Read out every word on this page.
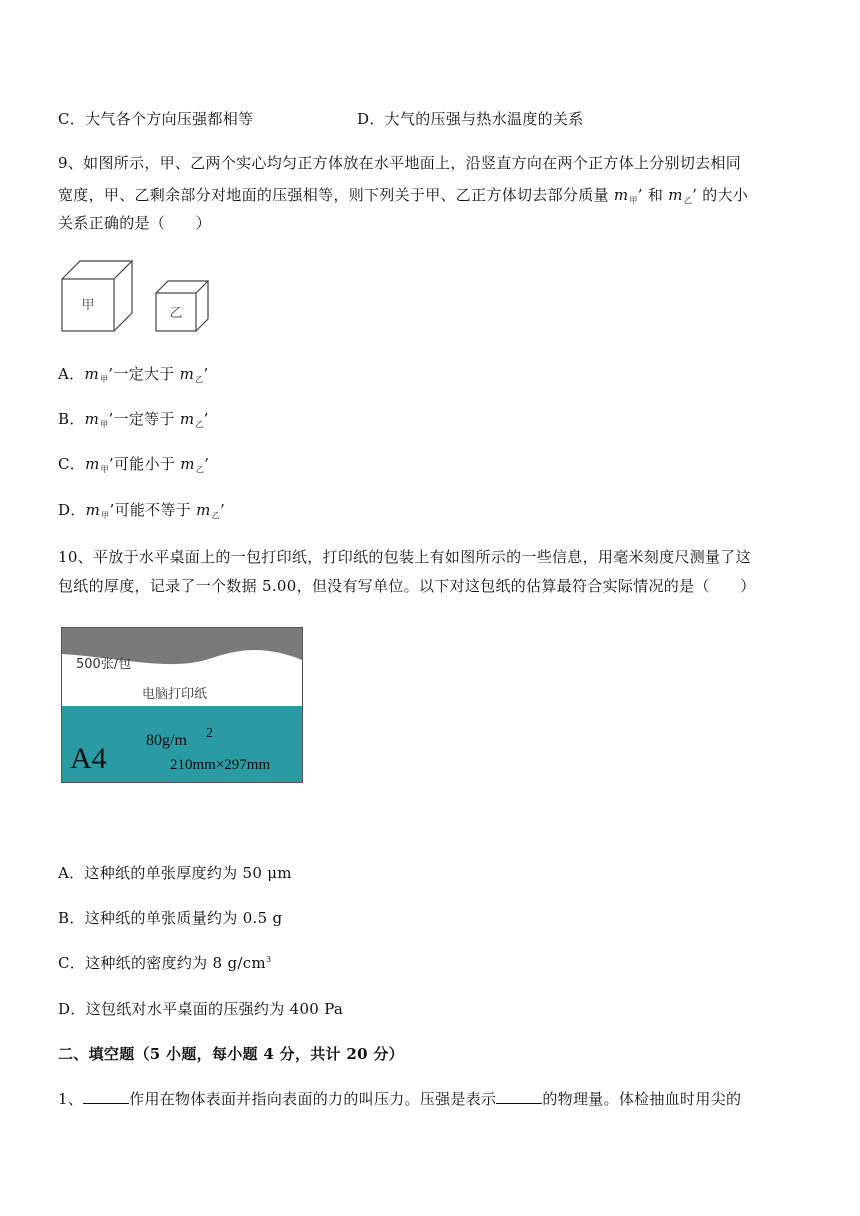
C．大气各个方向压强都相等	D．大气的压强与热水温度的关系
9、如图所示，甲、乙两个实心均匀正方体放在水平地面上，沿竖直方向在两个正方体上分别切去相同
宽度，甲、乙剩余部分对地面的压强相等，则下列关于甲、乙正方体切去部分质量 $m_甲$’ 和 $m_乙$’ 的大小
关系正确的是（　　）
甲
乙
A．$m_甲$’一定大于 $m_乙$’
B．$m_甲$’一定等于 $m_乙$’
C．$m_甲$’可能小于 $m_乙$’
D．$m_甲$’可能不等于 $m_乙$’
10、平放于水平桌面上的一包打印纸，打印纸的包装上有如图所示的一些信息，用毫米刻度尺测量了这
包纸的厚度，记录了一个数据 5.00，但没有写单位。以下对这包纸的估算最符合实际情况的是（　　）
500张/包
电脑打印纸
A4
80g/m 2
210mm×297mm
A．这种纸的单张厚度约为 50 μm
B．这种纸的单张质量约为 0.5 g
C．这种纸的密度约为 8 $g/cm^3$
D．这包纸对水平桌面的压强约为 400 Pa
二、填空题（5 小题，每小题 4 分，共计 20 分）
1、	作用在物体表面并指向表面的力的叫压力。压强是表示	的物理量。体检抽血时用尖的
